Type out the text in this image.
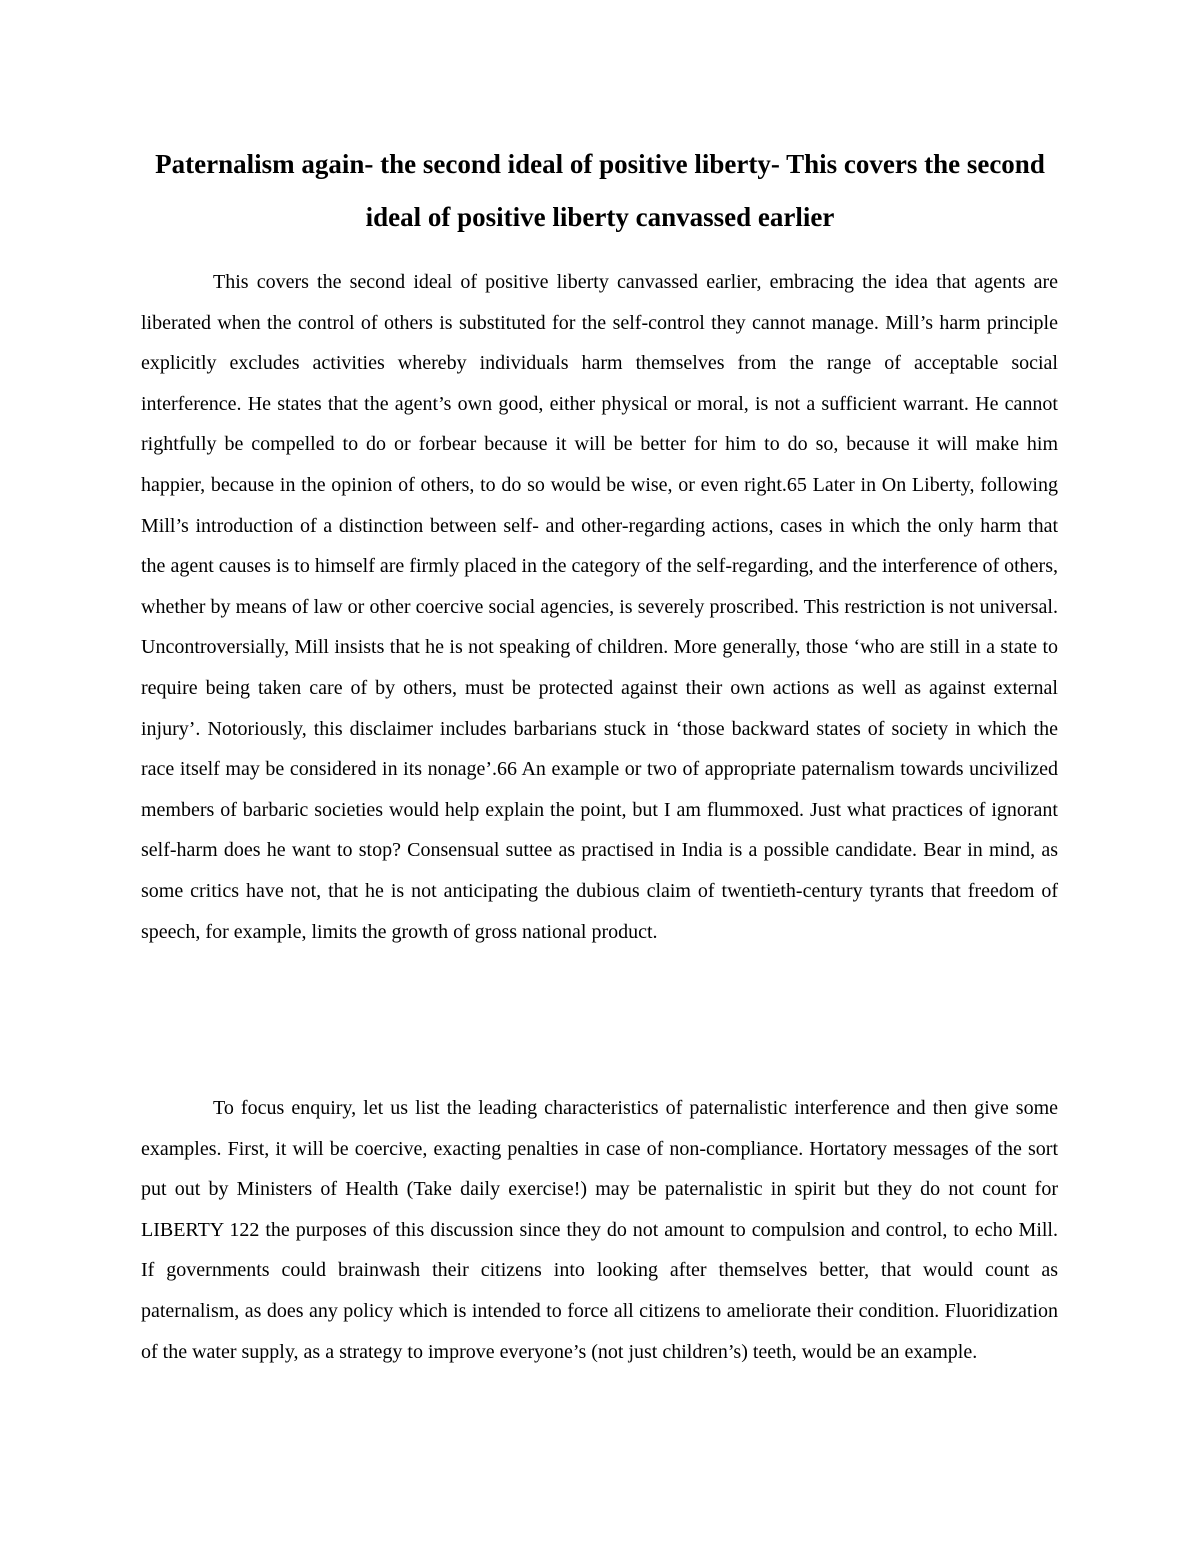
Paternalism again- the second ideal of positive liberty- This covers the second ideal of positive liberty canvassed earlier

This covers the second ideal of positive liberty canvassed earlier, embracing the idea that agents are liberated when the control of others is substituted for the self-control they cannot manage. Mill’s harm principle explicitly excludes activities whereby individuals harm themselves from the range of acceptable social interference. He states that the agent’s own good, either physical or moral, is not a sufficient warrant. He cannot rightfully be compelled to do or forbear because it will be better for him to do so, because it will make him happier, because in the opinion of others, to do so would be wise, or even right.65 Later in On Liberty, following Mill’s introduction of a distinction between self- and other-regarding actions, cases in which the only harm that the agent causes is to himself are firmly placed in the category of the self-regarding, and the interference of others, whether by means of law or other coercive social agencies, is severely proscribed. This restriction is not universal. Uncontroversially, Mill insists that he is not speaking of children. More generally, those ‘who are still in a state to require being taken care of by others, must be protected against their own actions as well as against external injury’. Notoriously, this disclaimer includes barbarians stuck in ‘those backward states of society in which the race itself may be considered in its nonage’.66 An example or two of appropriate paternalism towards uncivilized members of barbaric societies would help explain the point, but I am flummoxed. Just what practices of ignorant self-harm does he want to stop? Consensual suttee as practised in India is a possible candidate. Bear in mind, as some critics have not, that he is not anticipating the dubious claim of twentieth-century tyrants that freedom of speech, for example, limits the growth of gross national product.

To focus enquiry, let us list the leading characteristics of paternalistic interference and then give some examples. First, it will be coercive, exacting penalties in case of non-compliance. Hortatory messages of the sort put out by Ministers of Health (Take daily exercise!) may be paternalistic in spirit but they do not count for LIBERTY 122 the purposes of this discussion since they do not amount to compulsion and control, to echo Mill. If governments could brainwash their citizens into looking after themselves better, that would count as paternalism, as does any policy which is intended to force all citizens to ameliorate their condition. Fluoridization of the water supply, as a strategy to improve everyone’s (not just children’s) teeth, would be an example.
